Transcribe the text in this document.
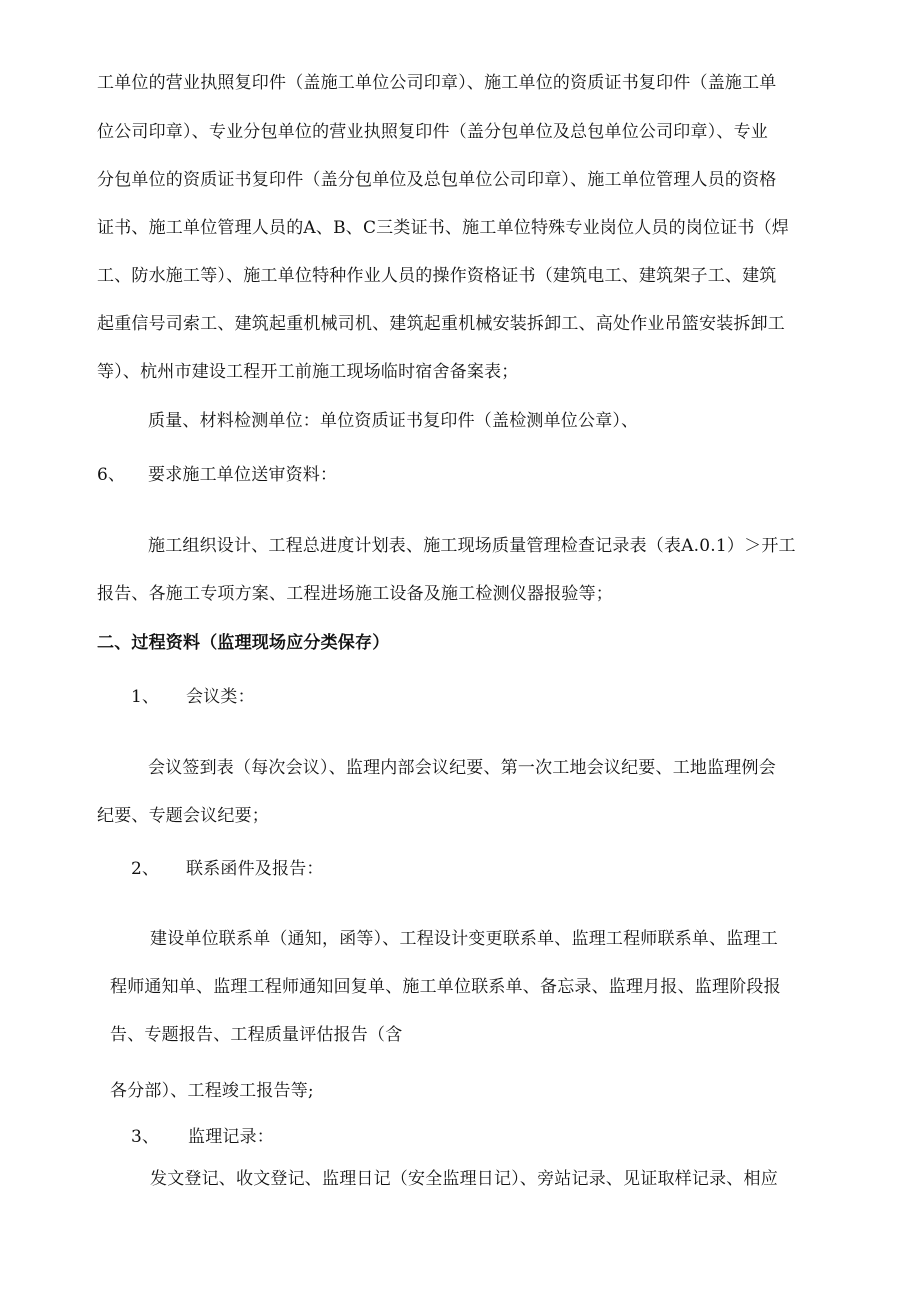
工单位的营业执照复印件（盖施工单位公司印章）、施工单位的资质证书复印件（盖施工单
位公司印章）、专业分包单位的营业执照复印件（盖分包单位及总包单位公司印章）、专业
分包单位的资质证书复印件（盖分包单位及总包单位公司印章）、施工单位管理人员的资格
证书、施工单位管理人员的A、B、C三类证书、施工单位特殊专业岗位人员的岗位证书（焊
工、防水施工等）、施工单位特种作业人员的操作资格证书（建筑电工、建筑架子工、建筑
起重信号司索工、建筑起重机械司机、建筑起重机械安装拆卸工、高处作业吊篮安装拆卸工
等）、杭州市建设工程开工前施工现场临时宿舍备案表；
质量、材料检测单位：单位资质证书复印件（盖检测单位公章）、
6、 要求施工单位送审资料：
施工组织设计、工程总进度计划表、施工现场质量管理检查记录表（表A.0.1）＞开工
报告、各施工专项方案、工程进场施工设备及施工检测仪器报验等；
二、过程资料（监理现场应分类保存）
1、 会议类：
会议签到表（每次会议）、监理内部会议纪要、第一次工地会议纪要、工地监理例会
纪要、专题会议纪要；
2、 联系函件及报告：
建设单位联系单（通知，函等）、工程设计变更联系单、监理工程师联系单、监理工
程师通知单、监理工程师通知回复单、施工单位联系单、备忘录、监理月报、监理阶段报
告、专题报告、工程质量评估报告（含
各分部）、工程竣工报告等;
3、 监理记录：
发文登记、收文登记、监理日记（安全监理日记）、旁站记录、见证取样记录、相应
